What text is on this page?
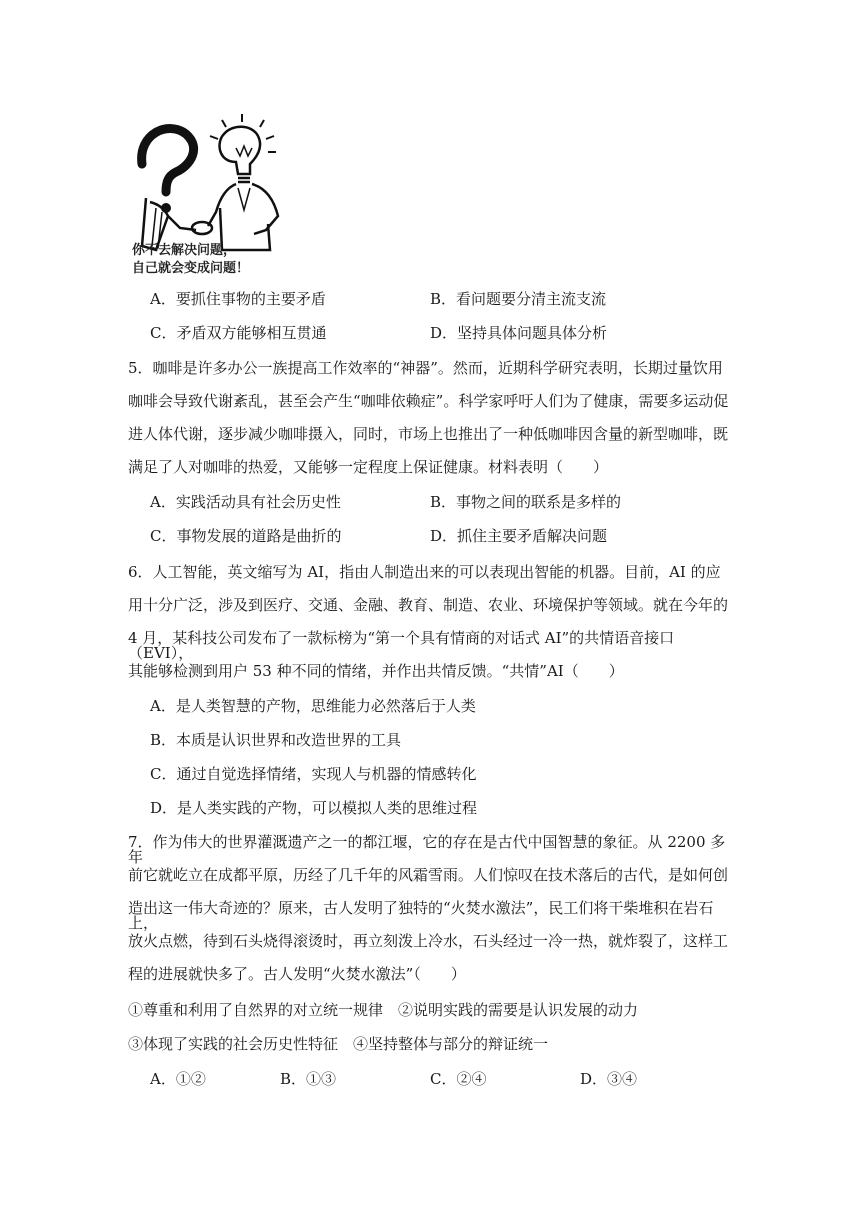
你不去解决问题，
自己就会变成问题！
A．要抓住事物的主要矛盾	B．看问题要分清主流支流
C．矛盾双方能够相互贯通	D．坚持具体问题具体分析
5．咖啡是许多办公一族提高工作效率的“神器”。然而，近期科学研究表明，长期过量饮用
咖啡会导致代谢紊乱，甚至会产生“咖啡依赖症”。科学家呼吁人们为了健康，需要多运动促
进人体代谢，逐步减少咖啡摄入，同时，市场上也推出了一种低咖啡因含量的新型咖啡，既
满足了人对咖啡的热爱，又能够一定程度上保证健康。材料表明（　　）
A．实践活动具有社会历史性	B．事物之间的联系是多样的
C．事物发展的道路是曲折的	D．抓住主要矛盾解决问题
6．人工智能，英文缩写为 AI，指由人制造出来的可以表现出智能的机器。目前，AI 的应
用十分广泛，涉及到医疗、交通、金融、教育、制造、农业、环境保护等领域。就在今年的
4 月，某科技公司发布了一款标榜为“第一个具有情商的对话式 AI”的共情语音接口（EVI），
其能够检测到用户 53 种不同的情绪，并作出共情反馈。“共情”AI（　　）
A．是人类智慧的产物，思维能力必然落后于人类
B．本质是认识世界和改造世界的工具
C．通过自觉选择情绪，实现人与机器的情感转化
D．是人类实践的产物，可以模拟人类的思维过程
7．作为伟大的世界灌溉遗产之一的都江堰，它的存在是古代中国智慧的象征。从 2200 多年
前它就屹立在成都平原，历经了几千年的风霜雪雨。人们惊叹在技术落后的古代，是如何创
造出这一伟大奇迹的？原来，古人发明了独特的“火焚水激法”，民工们将干柴堆积在岩石上，
放火点燃，待到石头烧得滚烫时，再立刻泼上冷水，石头经过一冷一热，就炸裂了，这样工
程的进展就快多了。古人发明“火焚水激法”（　　）
①尊重和利用了自然界的对立统一规律　②说明实践的需要是认识发展的动力
③体现了实践的社会历史性特征　④坚持整体与部分的辩证统一
A．①②	B．①③	C．②④	D．③④
